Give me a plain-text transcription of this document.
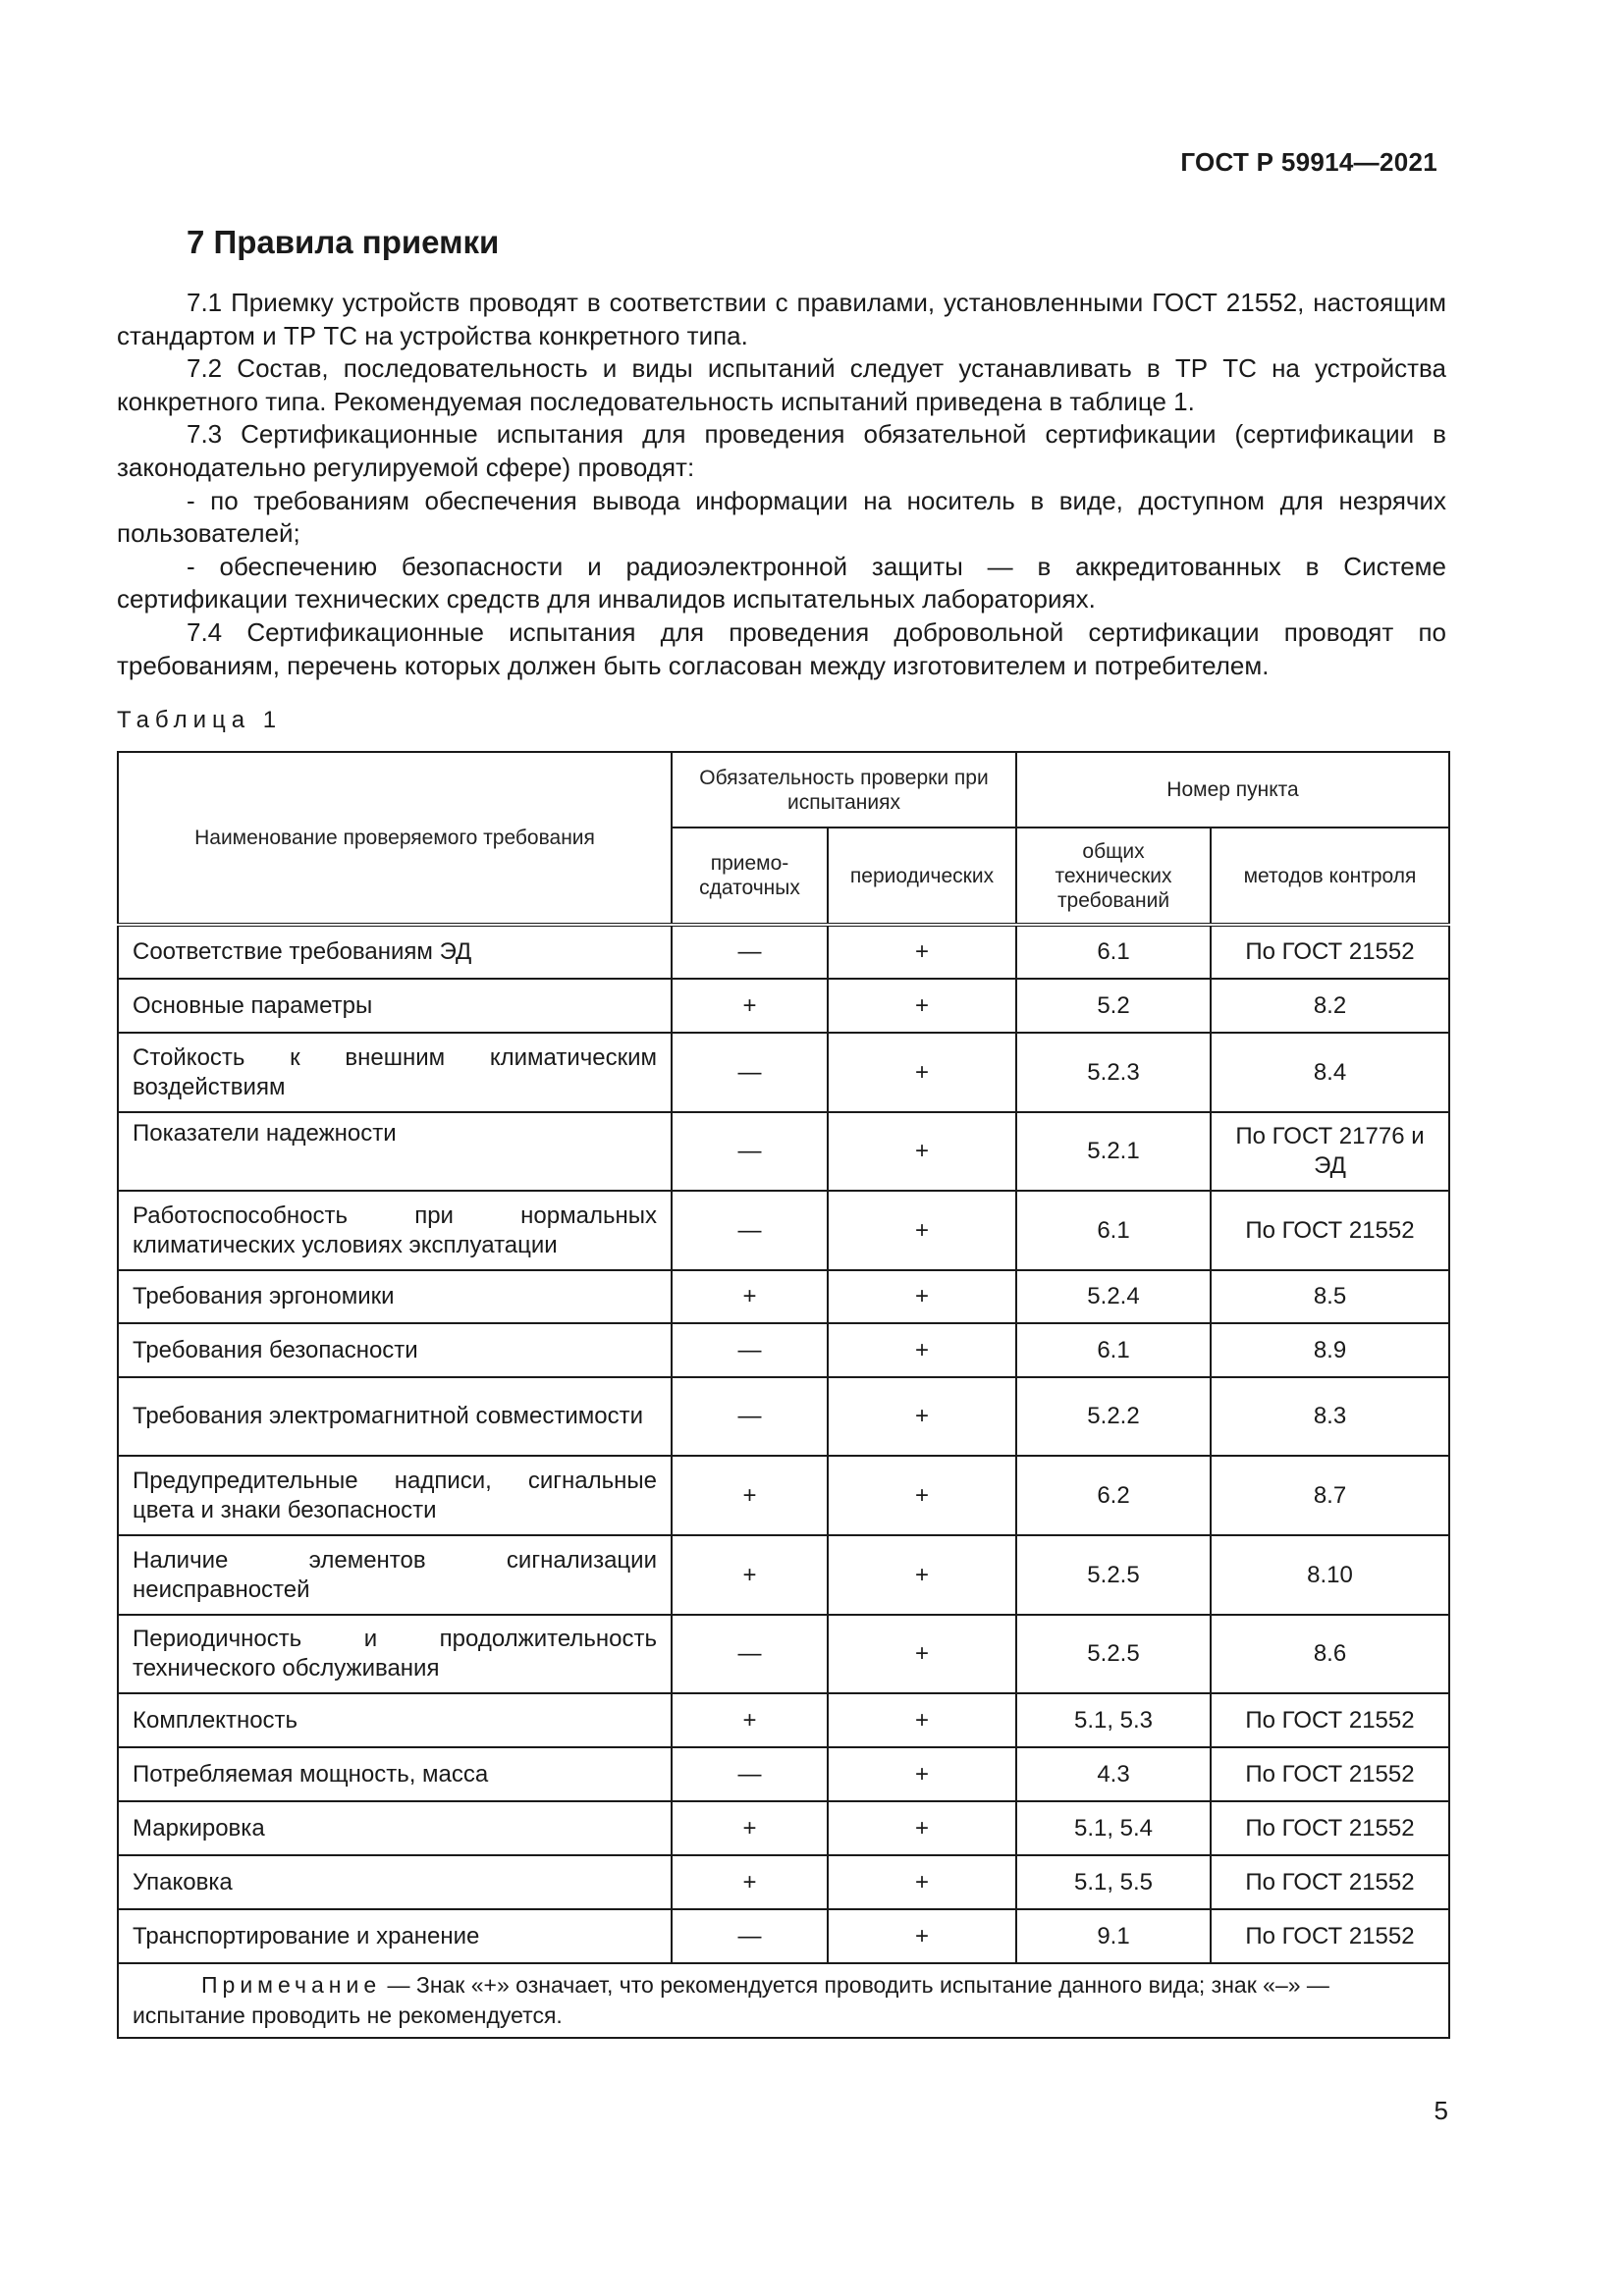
ГОСТ Р 59914—2021
7 Правила приемки

7.1 Приемку устройств проводят в соответствии с правилами, установленными ГОСТ 21552, настоящим стандартом и ТР ТС на устройства конкретного типа.

7.2 Состав, последовательность и виды испытаний следует устанавливать в ТР ТС на устройства конкретного типа. Рекомендуемая последовательность испытаний приведена в таблице 1.

7.3 Сертификационные испытания для проведения обязательной сертификации (сертификации в законодательно регулируемой сфере) проводят:

- по требованиям обеспечения вывода информации на носитель в виде, доступном для незрячих пользователей;

- обеспечению безопасности и радиоэлектронной защиты — в аккредитованных в Системе сертификации технических средств для инвалидов испытательных лабораториях.

7.4 Сертификационные испытания для проведения добровольной сертификации проводят по требованиям, перечень которых должен быть согласован между изготовителем и потребителем.

Таблица 1
Наименование проверяемого требования	Обязательность проверки при испытаниях		Номер пункта	
	приемо-сдаточных	периодических	общих технических требований	методов контроля
Соответствие требованиям ЭД	—	+	6.1	По ГОСТ 21552
Основные параметры	+	+	5.2	8.2
Стойкость к внешним климатическим воздействиям	—	+	5.2.3	8.4
Показатели надежности	—	+	5.2.1	По ГОСТ 21776 и ЭД
Работоспособность при нормальных климатических условиях эксплуатации	—	+	6.1	По ГОСТ 21552
Требования эргономики	+	+	5.2.4	8.5
Требования безопасности	—	+	6.1	8.9
Требования электромагнитной совместимости	—	+	5.2.2	8.3
Предупредительные надписи, сигнальные цвета и знаки безопасности	+	+	6.2	8.7
Наличие элементов сигнализации неисправностей	+	+	5.2.5	8.10
Периодичность и продолжительность технического обслуживания	—	+	5.2.5	8.6
Комплектность	+	+	5.1, 5.3	По ГОСТ 21552
Потребляемая мощность, масса	—	+	4.3	По ГОСТ 21552
Маркировка	+	+	5.1, 5.4	По ГОСТ 21552
Упаковка	+	+	5.1, 5.5	По ГОСТ 21552
Транспортирование и хранение	—	+	9.1	По ГОСТ 21552
Примечание — Знак «+» означает, что рекомендуется проводить испытание данного вида; знак «–» — испытание проводить не рекомендуется.				
5
